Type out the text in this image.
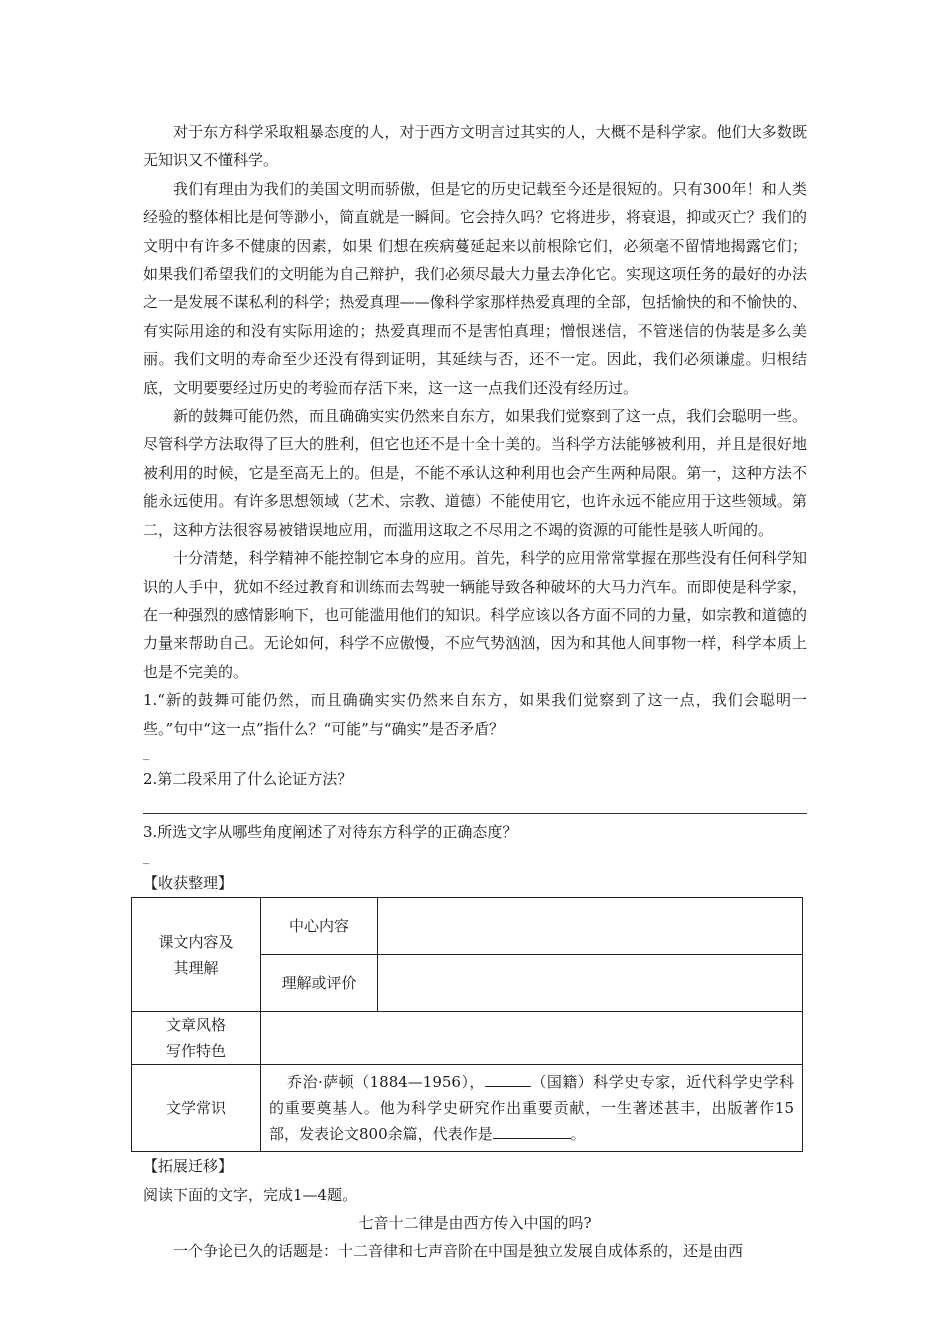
对于东方科学采取粗暴态度的人，对于西方文明言过其实的人，大概不是科学家。他们大多数既无知识又不懂科学。

我们有理由为我们的美国文明而骄傲，但是它的历史记载至今还是很短的。只有300年！和人类经验的整体相比是何等渺小，简直就是一瞬间。它会持久吗？它将进步，将衰退，抑或灭亡？我们的文明中有许多不健康的因素，如果 们想在疾病蔓延起来以前根除它们，必须毫不留情地揭露它们；如果我们希望我们的文明能为自己辩护，我们必须尽最大力量去净化它。实现这项任务的最好的办法之一是发展不谋私利的科学；热爱真理——像科学家那样热爱真理的全部，包括愉快的和不愉快的、有实际用途的和没有实际用途的；热爱真理而不是害怕真理；憎恨迷信，不管迷信的伪装是多么美丽。我们文明的寿命至少还没有得到证明，其延续与否，还不一定。因此，我们必须谦虚。归根结底，文明要要经过历史的考验而存活下来，这一这一点我们还没有经历过。

新的鼓舞可能仍然，而且确确实实仍然来自东方，如果我们觉察到了这一点，我们会聪明一些。尽管科学方法取得了巨大的胜利，但它也还不是十全十美的。当科学方法能够被利用，并且是很好地被利用的时候，它是至高无上的。但是，不能不承认这种利用也会产生两种局限。第一，这种方法不能永远使用。有许多思想领域（艺术、宗教、道德）不能使用它，也许永远不能应用于这些领域。第二，这种方法很容易被错误地应用，而滥用这取之不尽用之不竭的资源的可能性是骇人听闻的。

十分清楚，科学精神不能控制它本身的应用。首先，科学的应用常常掌握在那些没有任何科学知识的人手中，犹如不经过教育和训练而去驾驶一辆能导致各种破坏的大马力汽车。而即使是科学家，在一种强烈的感情影响下，也可能滥用他们的知识。科学应该以各方面不同的力量，如宗教和道德的力量来帮助自己。无论如何，科学不应傲慢，不应气势汹汹，因为和其他人间事物一样，科学本质上也是不完美的。

1.“新的鼓舞可能仍然，而且确确实实仍然来自东方，如果我们觉察到了这一点，我们会聪明一些。”句中“这一点”指什么？“可能”与“确实”是否矛盾？

_

2.第二段采用了什么论证方法？

3.所选文字从哪些角度阐述了对待东方科学的正确态度？

_

【收获整理】

课文内容及其理解	中心内容	
	理解或评价	
文章风格写作特色		
文学常识	乔治·萨顿（1884—1956）， （国籍）科学史专家，近代科学史学科的重要奠基人。他为科学史研究作出重要贡献，一生著述甚丰，出版著作15部，发表论文800余篇，代表作是 。	

【拓展迁移】

阅读下面的文字，完成1—4题。

七音十二律是由西方传入中国的吗?

一个争论已久的话题是：十二音律和七声音阶在中国是独立发展自成体系的，还是由西
